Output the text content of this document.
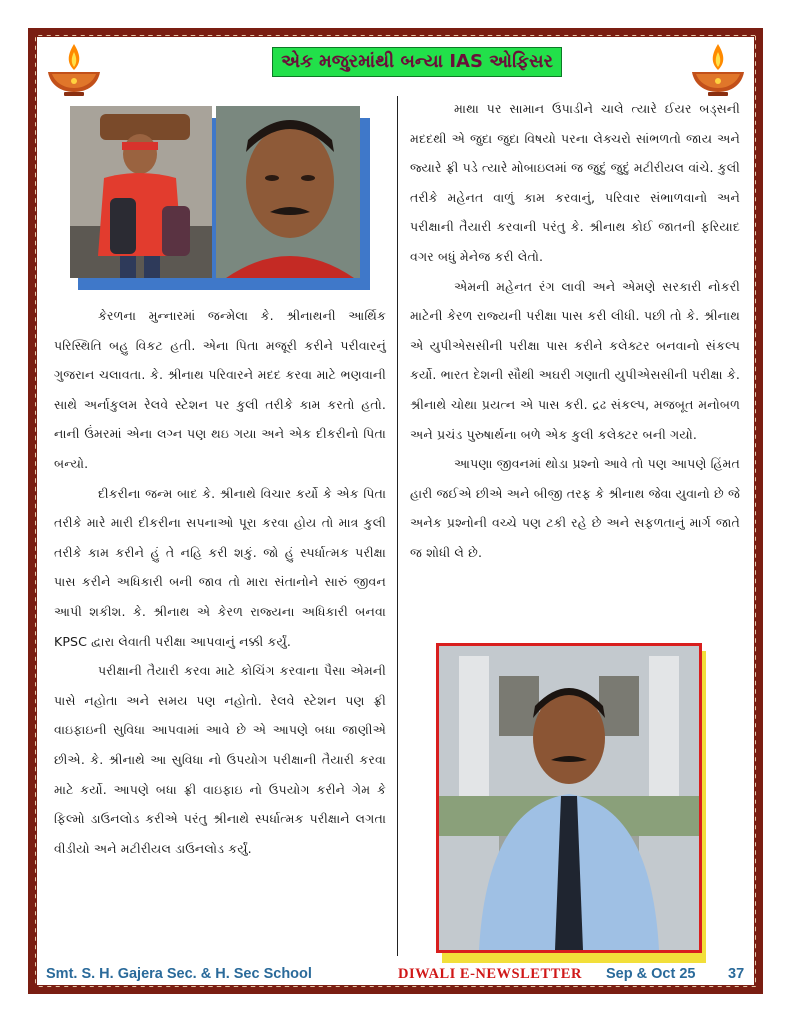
એક મજુરમાંથી બન્યા IAS ઓફિસર

કેરળના મુન્નારમાં જન્મેલા કે. શ્રીનાથની આર્થિક પરિસ્થિતિ બહુ વિકટ હતી. એના પિતા મજૂરી કરીને પરીવારનું ગુજરાન ચલાવતા. કે. શ્રીનાથ પરિવારને મદદ કરવા માટે ભણવાની સાથે અર્નાકુલમ રેલવે સ્ટેશન પર કુલી તરીકે કામ કરતો હતો. નાની ઉંમરમાં એના લગ્ન પણ થઇ ગયા અને એક દીકરીનો પિતા બન્યો.

દીકરીના જન્મ બાદ કે. શ્રીનાથે વિચાર કર્યો કે એક પિતા તરીકે મારે મારી દીકરીના સપનાઓ પૂરા કરવા હોય તો માત્ર કુલી તરીકે કામ કરીને હું તે નહિ કરી શકું. જો હું સ્પર્ધાત્મક પરીક્ષા પાસ કરીને અધિકારી બની જાવ તો મારા સંતાનોને સારું જીવન આપી શકીશ. કે. શ્રીનાથ એ કેરળ રાજ્યના અધિકારી બનવા KPSC દ્વારા લેવાતી પરીક્ષા આપવાનું નક્કી કર્યું.

પરીક્ષાની તૈયારી કરવા માટે કોચિંગ કરવાના પૈસા એમની પાસે નહોતા અને સમય પણ નહોતો. રેલવે સ્ટેશન પણ ફ્રી વાઇફાઇની સુવિધા આપવામાં આવે છે એ આપણે બધા જાણીએ છીએ. કે. શ્રીનાથે આ સુવિધા નો ઉપયોગ પરીક્ષાની તૈયારી કરવા માટે કર્યો. આપણે બધા ફ્રી વાઇફાઇ નો ઉપયોગ કરીને ગેમ કે ફિલ્મો ડાઉનલોડ કરીએ પરંતુ શ્રીનાથે સ્પર્ધાત્મક પરીક્ષાને લગતા વીડીયો અને મટીરીયલ ડાઉનલોડ કર્યું.

માથા પર સામાન ઉપાડીને ચાલે ત્યારે ઈયર બડ્સની મદદથી એ જુદા જુદા વિષયો પરના લેક્ચરો સાંભળતો જાય અને જ્યારે ફ્રી પડે ત્યારે મોબાઇલમાં જ જુદું જુદું મટીરીયલ વાંચે. કુલી તરીકે મહેનત વાળું કામ કરવાનું, પરિવાર સંભાળવાનો અને પરીક્ષાની તૈયારી કરવાની પરંતુ કે. શ્રીનાથ કોઈ જાતની ફરિયાદ વગર બધું મેનેજ કરી લેતો.

એમની મહેનત રંગ લાવી અને એમણે સરકારી નોકરી માટેની કેરળ રાજ્યની પરીક્ષા પાસ કરી લીધી. પછી તો કે. શ્રીનાથ એ યુપીએસસીની પરીક્ષા પાસ કરીને કલેક્ટર બનવાનો સંકલ્પ કર્યો. ભારત દેશની સૌથી અઘરી ગણાતી યુપીએસસીની પરીક્ષા કે. શ્રીનાથે ચોથા પ્રયત્ન એ પાસ કરી. દ્રઢ સંકલ્પ, મજબૂત મનોબળ અને પ્રચંડ પુરુષાર્થના બળે એક કુલી કલેક્ટર બની ગયો.

આપણા જીવનમાં થોડા પ્રશ્નો આવે તો પણ આપણે હિંમત હારી જઈએ છીએ અને બીજી તરફ કે શ્રીનાથ જેવા યુવાનો છે જે અનેક પ્રશ્નોની વચ્ચે પણ ટકી રહે છે અને સફળતાનું માર્ગ જાતે જ શોધી લે છે.

Smt. S. H. Gajera Sec. & H. Sec School	DIWALI E-NEWSLETTER Sep & Oct 25 37
